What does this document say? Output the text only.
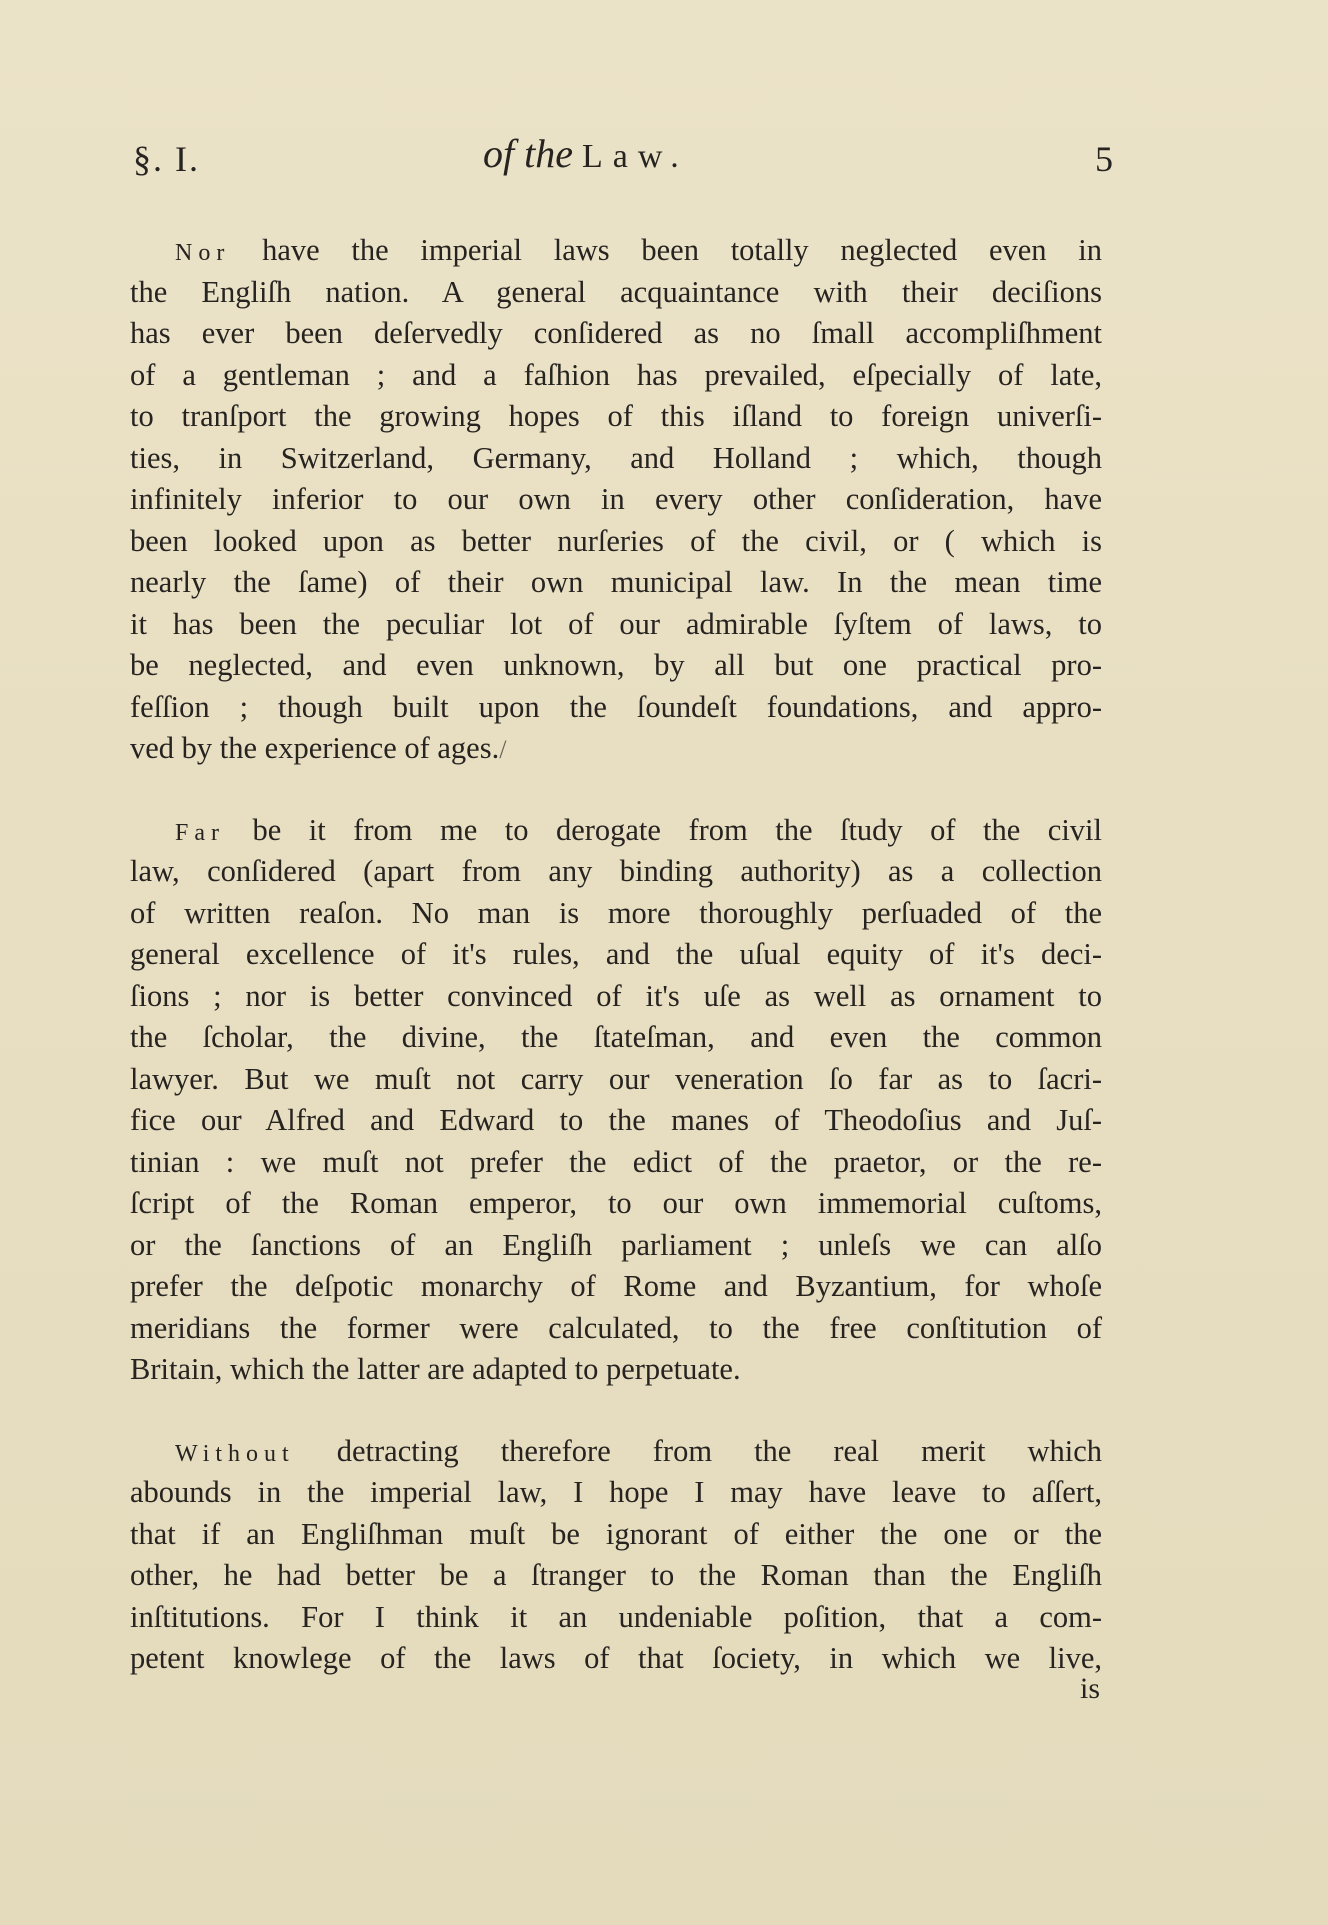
§. I.	of the Law.	5
Nor have the imperial laws been totally neglected even in
the Engliſh nation. A general acquaintance with their deciſions
has ever been deſervedly conſidered as no ſmall accompliſhment
of a gentleman ; and a faſhion has prevailed, eſpecially of late,
to tranſport the growing hopes of this iſland to foreign univerſi-
ties, in Switzerland, Germany, and Holland ; which, though
infinitely inferior to our own in every other conſideration, have
been looked upon as better nurſeries of the civil, or ( which is
nearly the ſame) of their own municipal law. In the mean time
it has been the peculiar lot of our admirable ſyſtem of laws, to
be neglected, and even unknown, by all but one practical pro-
feſſion ; though built upon the ſoundeſt foundations, and appro-
ved by the experience of ages./
Far be it from me to derogate from the ſtudy of the civil
law, conſidered (apart from any binding authority) as a collection
of written reaſon. No man is more thoroughly perſuaded of the
general excellence of it's rules, and the uſual equity of it's deci-
ſions ; nor is better convinced of it's uſe as well as ornament to
the ſcholar, the divine, the ſtateſman, and even the common
lawyer. But we muſt not carry our veneration ſo far as to ſacri-
fice our Alfred and Edward to the manes of Theodoſius and Juſ-
tinian : we muſt not prefer the edict of the praetor, or the re-
ſcript of the Roman emperor, to our own immemorial cuſtoms,
or the ſanctions of an Engliſh parliament ; unleſs we can alſo
prefer the deſpotic monarchy of Rome and Byzantium, for whoſe
meridians the former were calculated, to the free conſtitution of
Britain, which the latter are adapted to perpetuate.
Without detracting therefore from the real merit which
abounds in the imperial law, I hope I may have leave to aſſert,
that if an Engliſhman muſt be ignorant of either the one or the
other, he had better be a ſtranger to the Roman than the Engliſh
inſtitutions. For I think it an undeniable poſition, that a com-
petent knowlege of the laws of that ſociety, in which we live,
is
